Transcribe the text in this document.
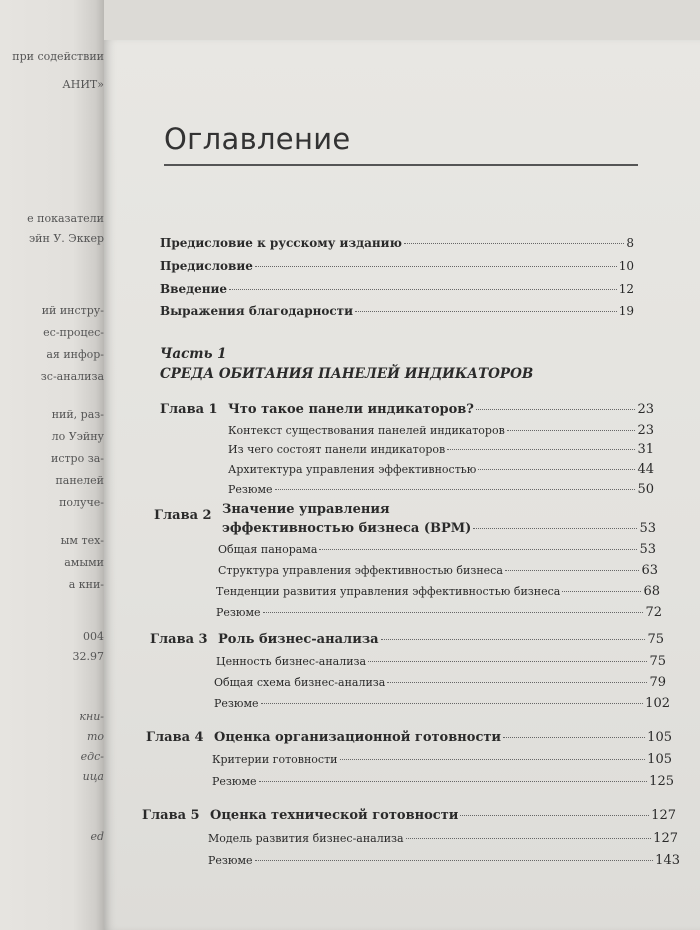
при содействии
АНИТ»
е показатели
эйн У. Эккер
ий инстру-
ес-процес-
ая инфор-
зс-анализа
ний, раз-
ло Уэйну
истро за-
панелей
получе-
ым тех-
амыми
а кни-
004
32.97
кни-
то
едс-
ица
ed
Оглавление
Предисловие к русскому изданию	8
Предисловие	10
Введение	12
Выражения благодарности	19
Часть 1
СРЕДА ОБИТАНИЯ ПАНЕЛЕЙ ИНДИКАТОРОВ
Глава 1 Что такое панели индикаторов?	23
Контекст существования панелей индикаторов	23
Из чего состоят панели индикаторов	31
Архитектура управления эффективностью	44
Резюме	50
Глава 2 Значение управления
эффективностью бизнеса (BPM)	53
Общая панорама	53
Структура управления эффективностью бизнеса	63
Тенденции развития управления эффективностью бизнеса	68
Резюме	72
Глава 3 Роль бизнес-анализа	75
Ценность бизнес-анализа	75
Общая схема бизнес-анализа	79
Резюме	102
Глава 4 Оценка организационной готовности	105
Критерии готовности	105
Резюме	125
Глава 5 Оценка технической готовности	127
Модель развития бизнес-анализа	127
Резюме	143
